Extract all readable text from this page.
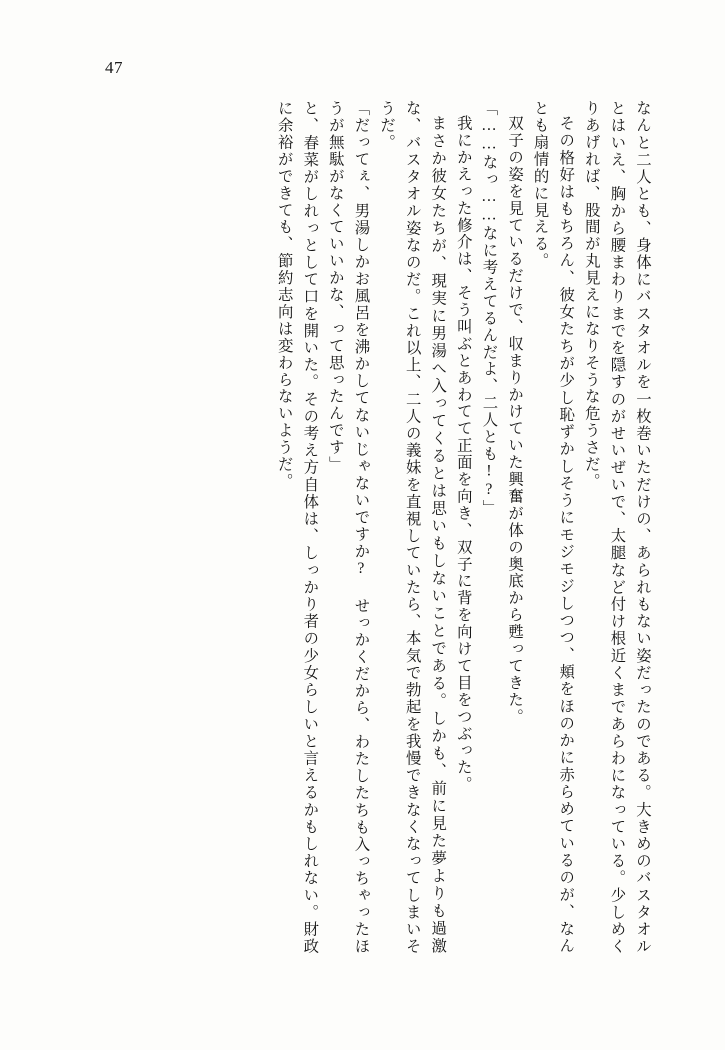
47

なんと二人とも、身体にバスタオルを一枚巻いただけの、あられもない姿だったのである。大きめのバスタオルとはいえ、胸から腰まわりまでを隠すのがせいぜいで、太腿など付け根近くまであらわになっている。少しめくりあげれば、股間が丸見えになりそうな危うさだ。

その格好はもちろん、彼女たちが少し恥ずかしそうにモジモジしつつ、頬をほのかに赤らめているのが、なんとも扇情的に見える。

双子の姿を見ているだけで、収まりかけていた興奮が体の奥底から甦ってきた。

「……なっ……なに考えてるんだよ、二人とも!?」

我にかえった修介は、そう叫ぶとあわてて正面を向き、双子に背を向けて目をつぶった。

まさか彼女たちが、現実に男湯へ入ってくるとは思いもしないことである。しかも、前に見た夢よりも過激な、バスタオル姿なのだ。これ以上、二人の義妹を直視していたら、本気で勃起を我慢できなくなってしまいそうだ。

「だってぇ、男湯しかお風呂を沸かしてないじゃないですか? せっかくだから、わたしたちも入っちゃったほうが無駄がなくていいかな、って思ったんです」

と、春菜がしれっとして口を開いた。その考え方自体は、しっかり者の少女らしいと言えるかもしれない。財政に余裕ができても、節約志向は変わらないようだ。
